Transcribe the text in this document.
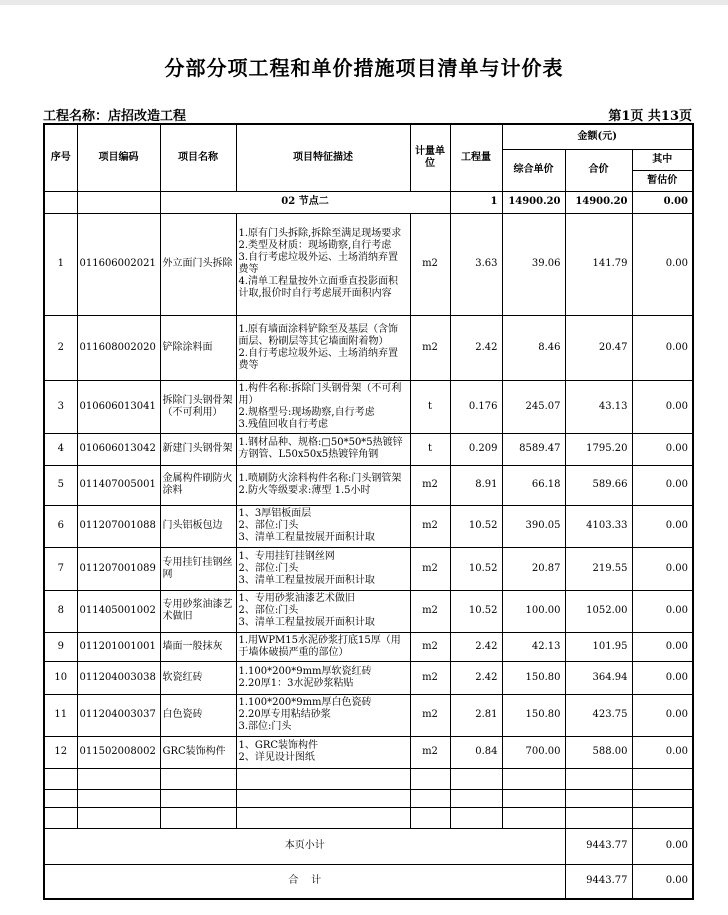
分部分项工程和单价措施项目清单与计价表
工程名称：店招改造工程	第1页 共13页
序号	项目编码	项目名称	项目特征描述	计量单位	工程量	金额(元)		
						综合单价	合价	其中
								暂估价
		02 节点二			1	14900.20	14900.20	0.00
1	011606002021	外立面门头拆除	1.原有门头拆除,拆除至满足现场要求
2.类型及材质：现场勘察,自行考虑
3.自行考虑垃圾外运、土场消纳弃置费等
4.清单工程量按外立面垂直投影面积计取,报价时自行考虑展开面积内容	m2	3.63	39.06	141.79	0.00
2	011608002020	铲除涂料面	1.原有墙面涂料铲除至及基层（含饰面层、粉刷层等其它墙面附着物）
2.自行考虑垃圾外运、土场消纳弃置费等	m2	2.42	8.46	20.47	0.00
3	010606013041	拆除门头钢骨架（不可利用）	1.构件名称:拆除门头钢骨架（不可利用）
2.规格型号:现场勘察,自行考虑
3.残值回收自行考虑	t	0.176	245.07	43.13	0.00
4	010606013042	新建门头钢骨架	1.钢材品种、规格:□50*50*5热镀锌方钢管、L50x50x5热镀锌角钢	t	0.209	8589.47	1795.20	0.00
5	011407005001	金属构件刷防火涂料	1.喷刷防火涂料构件名称:门头钢管架
2.防火等级要求:薄型 1.5小时	m2	8.91	66.18	589.66	0.00
6	011207001088	门头铝板包边	1、3厚铝板面层
2、部位:门头
3、清单工程量按展开面积计取	m2	10.52	390.05	4103.33	0.00
7	011207001089	专用挂钉挂钢丝网	1、专用挂钉挂钢丝网
2、部位:门头
3、清单工程量按展开面积计取	m2	10.52	20.87	219.55	0.00
8	011405001002	专用砂浆油漆艺术做旧	1、专用砂浆油漆艺术做旧
2、部位:门头
3、清单工程量按展开面积计取	m2	10.52	100.00	1052.00	0.00
9	011201001001	墙面一般抹灰	1.用WPM15水泥砂浆打底15厚（用于墙体破损严重的部位）	m2	2.42	42.13	101.95	0.00
10	011204003038	软瓷红砖	1.100*200*9mm厚软瓷红砖
2.20厚1：3水泥砂浆粘贴	m2	2.42	150.80	364.94	0.00
11	011204003037	白色瓷砖	1.100*200*9mm厚白色瓷砖
2.20厚专用粘结砂浆
3.部位:门头	m2	2.81	150.80	423.75	0.00
12	011502008002	GRC装饰构件	1、GRC装饰构件
2、详见设计图纸	m2	0.84	700.00	588.00	0.00

本页小计							9443.77	0.00
合    计							9443.77	0.00
